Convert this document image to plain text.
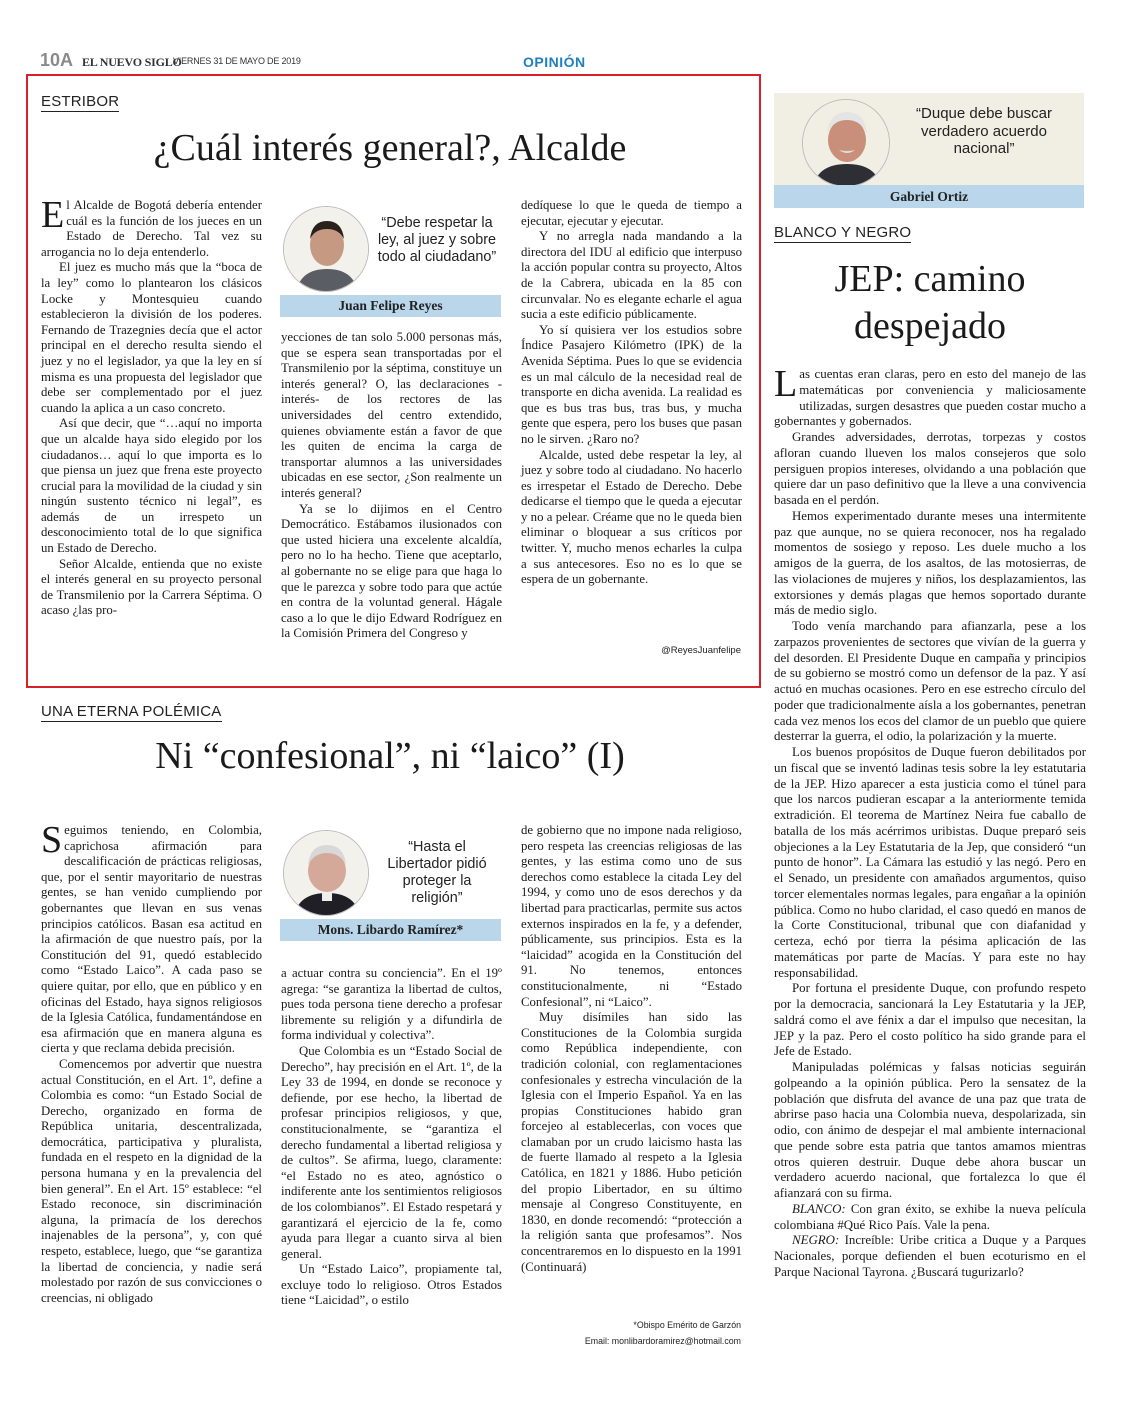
10A EL NUEVO SIGLO
VIERNES 31 DE MAYO DE 2019	OPINIÓN
ESTRIBOR
¿Cuál interés general?, Alcalde

El Alcalde de Bogotá debería entender cuál es la función de los jueces en un Estado de Derecho. Tal vez su arrogancia no lo deja entenderlo.

El juez es mucho más que la “boca de la ley” como lo plantearon los clásicos Locke y Montesquieu cuando establecieron la división de los poderes. Fernando de Trazegnies decía que el actor principal en el derecho resulta siendo el juez y no el legislador, ya que la ley en sí misma es una propuesta del legislador que debe ser complementado por el juez cuando la aplica a un caso concreto.

Así que decir, que “…aquí no importa que un alcalde haya sido elegido por los ciudadanos… aquí lo que importa es lo que piensa un juez que frena este proyecto crucial para la movilidad de la ciudad y sin ningún sustento técnico ni legal”, es además de un irrespeto un desconocimiento total de lo que significa un Estado de Derecho.

Señor Alcalde, entienda que no existe el interés general en su proyecto personal de Transmilenio por la Carrera Séptima. O acaso ¿las pro-

“Debe respetar la ley, al juez y sobre todo al ciudadano”
Juan Felipe Reyes

yecciones de tan solo 5.000 personas más, que se espera sean transportadas por el Transmilenio por la séptima, constituye un interés general? O, las declaraciones -interés- de los rectores de las universidades del centro extendido, quienes obviamente están a favor de que les quiten de encima la carga de transportar alumnos a las universidades ubicadas en ese sector, ¿Son realmente un interés general?

Ya se lo dijimos en el Centro Democrático. Estábamos ilusionados con que usted hiciera una excelente alcaldía, pero no lo ha hecho. Tiene que aceptarlo, al gobernante no se elige para que haga lo que le parezca y sobre todo para que actúe en contra de la voluntad general. Hágale caso a lo que le dijo Edward Rodríguez en la Comisión Primera del Congreso y

dedíquese lo que le queda de tiempo a ejecutar, ejecutar y ejecutar.

Y no arregla nada mandando a la directora del IDU al edificio que interpuso la acción popular contra su proyecto, Altos de la Cabrera, ubicada en la 85 con circunvalar. No es elegante echarle el agua sucia a este edificio públicamente.

Yo sí quisiera ver los estudios sobre Índice Pasajero Kilómetro (IPK) de la Avenida Séptima. Pues lo que se evidencia es un mal cálculo de la necesidad real de transporte en dicha avenida. La realidad es que es bus tras bus, tras bus, y mucha gente que espera, pero los buses que pasan no le sirven. ¿Raro no?

Alcalde, usted debe respetar la ley, al juez y sobre todo al ciudadano. No hacerlo es irrespetar el Estado de Derecho. Debe dedicarse el tiempo que le queda a ejecutar y no a pelear. Créame que no le queda bien eliminar o bloquear a sus críticos por twitter. Y, mucho menos echarles la culpa a sus antecesores. Eso no es lo que se espera de un gobernante.

@ReyesJuanfelipe
UNA ETERNA POLÉMICA
Ni “confesional”, ni “laico” (I)

Seguimos teniendo, en Colombia, caprichosa afirmación para descalificación de prácticas religiosas, que, por el sentir mayoritario de nuestras gentes, se han venido cumpliendo por gobernantes que llevan en sus venas principios católicos. Basan esa actitud en la afirmación de que nuestro país, por la Constitución del 91, quedó establecido como “Estado Laico”. A cada paso se quiere quitar, por ello, que en público y en oficinas del Estado, haya signos religiosos de la Iglesia Católica, fundamentándose en esa afirmación que en manera alguna es cierta y que reclama debida precisión.

Comencemos por advertir que nuestra actual Constitución, en el Art. 1º, define a Colombia es como: “un Estado Social de Derecho, organizado en forma de República unitaria, descentralizada, democrática, participativa y pluralista, fundada en el respeto en la dignidad de la persona humana y en la prevalencia del bien general”. En el Art. 15º establece: “el Estado reconoce, sin discriminación alguna, la primacía de los derechos inajenables de la persona”, y, con qué respeto, establece, luego, que “se garantiza la libertad de conciencia, y nadie será molestado por razón de sus convicciones o creencias, ni obligado

“Hasta el Libertador pidió proteger la religión”
Mons. Libardo Ramírez*

a actuar contra su conciencia”. En el 19º agrega: “se garantiza la libertad de cultos, pues toda persona tiene derecho a profesar libremente su religión y a difundirla de forma individual y colectiva”.

Que Colombia es un “Estado Social de Derecho”, hay precisión en el Art. 1º, de la Ley 33 de 1994, en donde se reconoce y defiende, por ese hecho, la libertad de profesar principios religiosos, y que, constitucionalmente, se “garantiza el derecho fundamental a libertad religiosa y de cultos”. Se afirma, luego, claramente: “el Estado no es ateo, agnóstico o indiferente ante los sentimientos religiosos de los colombianos”. El Estado respetará y garantizará el ejercicio de la fe, como ayuda para llegar a cuanto sirva al bien general.

Un “Estado Laico”, propiamente tal, excluye todo lo religioso. Otros Estados tiene “Laicidad”, o estilo

de gobierno que no impone nada religioso, pero respeta las creencias religiosas de las gentes, y las estima como uno de sus derechos como establece la citada Ley del 1994, y como uno de esos derechos y da libertad para practicarlas, permite sus actos externos inspirados en la fe, y a defender, públicamente, sus principios. Esta es la “laicidad” acogida en la Constitución del 91. No tenemos, entonces constitucionalmente, ni “Estado Confesional”, ni “Laico”.

Muy disímiles han sido las Constituciones de la Colombia surgida como República independiente, con tradición colonial, con reglamentaciones confesionales y estrecha vinculación de la Iglesia con el Imperio Español. Ya en las propias Constituciones habido gran forcejeo al establecerlas, con voces que clamaban por un crudo laicismo hasta las de fuerte llamado al respeto a la Iglesia Católica, en 1821 y 1886. Hubo petición del propio Libertador, en su último mensaje al Congreso Constituyente, en 1830, en donde recomendó: “protección a la religión santa que profesamos”. Nos concentraremos en lo dispuesto en la 1991 (Continuará)

*Obispo Emérito de Garzón
Email: monlibardoramirez@hotmail.com
“Duque debe buscar verdadero acuerdo nacional”
Gabriel Ortiz
BLANCO Y NEGRO
JEP: camino
despejado

Las cuentas eran claras, pero en esto del manejo de las matemáticas por conveniencia y maliciosamente utilizadas, surgen desastres que pueden costar mucho a gobernantes y gobernados.

Grandes adversidades, derrotas, torpezas y costos afloran cuando llueven los malos consejeros que solo persiguen propios intereses, olvidando a una población que quiere dar un paso definitivo que la lleve a una convivencia basada en el perdón.

Hemos experimentado durante meses una intermitente paz que aunque, no se quiera reconocer, nos ha regalado momentos de sosiego y reposo. Les duele mucho a los amigos de la guerra, de los asaltos, de las motosierras, de las violaciones de mujeres y niños, los desplazamientos, las extorsiones y demás plagas que hemos soportado durante más de medio siglo.

Todo venía marchando para afianzarla, pese a los zarpazos provenientes de sectores que vivían de la guerra y del desorden. El Presidente Duque en campaña y principios de su gobierno se mostró como un defensor de la paz. Y así actuó en muchas ocasiones. Pero en ese estrecho círculo del poder que tradicionalmente aísla a los gobernantes, penetran cada vez menos los ecos del clamor de un pueblo que quiere desterrar la guerra, el odio, la polarización y la muerte.

Los buenos propósitos de Duque fueron debilitados por un fiscal que se inventó ladinas tesis sobre la ley estatutaria de la JEP. Hizo aparecer a esta justicia como el túnel para que los narcos pudieran escapar a la anteriormente temida extradición. El teorema de Martínez Neira fue caballo de batalla de los más acérrimos uribistas. Duque preparó seis objeciones a la Ley Estatutaria de la Jep, que consideró “un punto de honor”. La Cámara las estudió y las negó. Pero en el Senado, un presidente con amañados argumentos, quiso torcer elementales normas legales, para engañar a la opinión pública. Como no hubo claridad, el caso quedó en manos de la Corte Constitucional, tribunal que con diafanidad y certeza, echó por tierra la pésima aplicación de las matemáticas por parte de Macías. Y para este no hay responsabilidad.

Por fortuna el presidente Duque, con profundo respeto por la democracia, sancionará la Ley Estatutaria y la JEP, saldrá como el ave fénix a dar el impulso que necesitan, la JEP y la paz. Pero el costo político ha sido grande para el Jefe de Estado.

Manipuladas polémicas y falsas noticias seguirán golpeando a la opinión pública. Pero la sensatez de la población que disfruta del avance de una paz que trata de abrirse paso hacia una Colombia nueva, despolarizada, sin odio, con ánimo de despejar el mal ambiente internacional que pende sobre esta patria que tantos amamos mientras otros quieren destruir. Duque debe ahora buscar un verdadero acuerdo nacional, que fortalezca lo que él afianzará con su firma.

BLANCO: Con gran éxito, se exhibe la nueva película colombiana #Qué Rico País. Vale la pena.

NEGRO: Increíble: Uribe critica a Duque y a Parques Nacionales, porque defienden el buen ecoturismo en el Parque Nacional Tayrona. ¿Buscará tugurizarlo?
